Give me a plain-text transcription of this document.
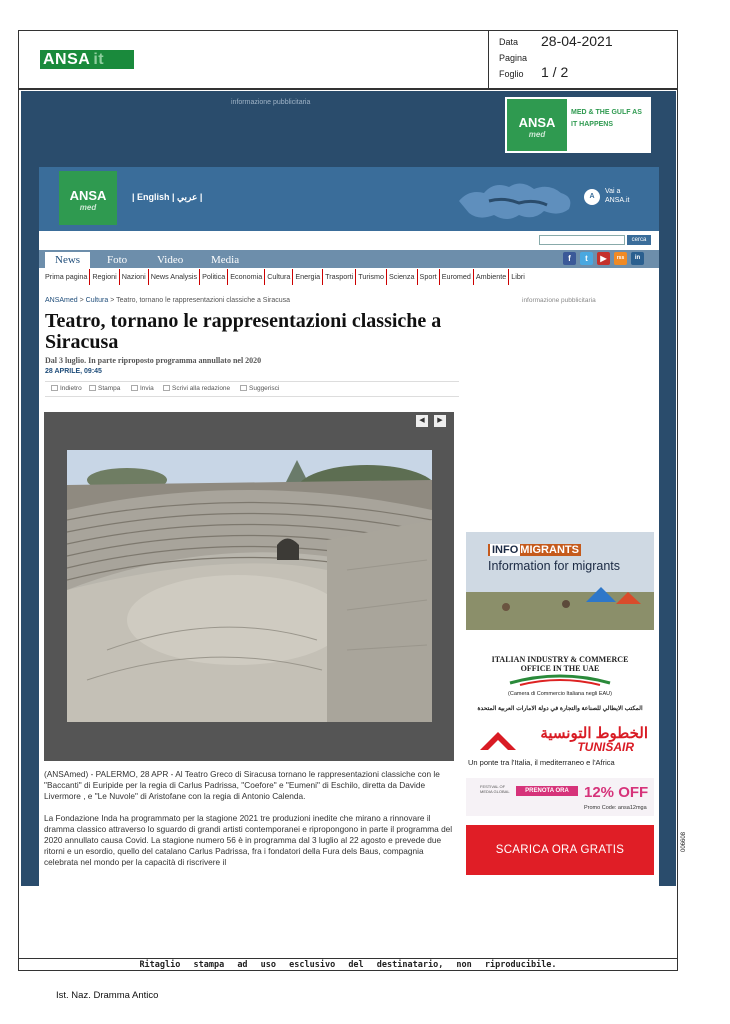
ANSA it
Data 28-04-2021
Pagina
Foglio 1 / 2
informazione pubblicitaria
ANSA
med
MED & THE GULF AS IT HAPPENS
ANSA
med
| English | عربي |	A
Vai a
ANSA.it
cerca
News	Foto	Video	Media	f	t	▶	rss	in
Prima pagina Regioni Nazioni News Analysis Politica Economia Cultura Energia Trasporti Turismo Scienza Sport Euromed Ambiente Libri
ANSAmed > Cultura > Teatro, tornano le rappresentazioni classiche a Siracusa
Teatro, tornano le rappresentazioni classiche a Siracusa
Dal 3 luglio. In parte riproposto programma annullato nel 2020
28 APRILE, 09:45
Indietro	Stampa	Invia	Scrivi alla redazione	Suggerisci
◀	▶

(ANSAmed) - PALERMO, 28 APR - Al Teatro Greco di Siracusa tornano le rappresentazioni classiche con le "Baccanti" di Euripide per la regia di Carlus Padrissa, "Coefore" e "Eumeni" di Eschilo, diretta da Davide Livermore , e "Le Nuvole" di Aristofane con la regia di Antonio Calenda.

La Fondazione Inda ha programmato per la stagione 2021 tre produzioni inedite che mirano a rinnovare il dramma classico attraverso lo sguardo di grandi artisti contemporanei e ripropongono in parte il programma del 2020 annullato causa Covid. La stagione numero 56 è in programma dal 3 luglio al 22 agosto e prevede due ritorni e un esordio, quello del catalano Carlus Padrissa, fra i fondatori della Fura dels Baus, compagnia celebrata nel mondo per la capacità di riscrivere il

informazione pubblicitaria
INFO MIGRANTS
Information for migrants
ITALIAN INDUSTRY & COMMERCE
OFFICE IN THE UAE
(Camera di Commercio Italiana negli EAU)
المكتب الايطالي للصناعة والتجارة في دولة الامارات العربية المتحدة
الخطوط التونسية
TUNISAIR
Un ponte tra l'Italia, il mediterraneo e l'Africa
FESTIVAL OF MEDIA GLOBAL	PRENOTA ORA	12% OFF
Promo Code: ansa12mga
SCARICA ORA GRATIS	006608
Ritaglio stampa ad uso esclusivo del destinatario, non riproducibile.
Ist. Naz. Dramma Antico
